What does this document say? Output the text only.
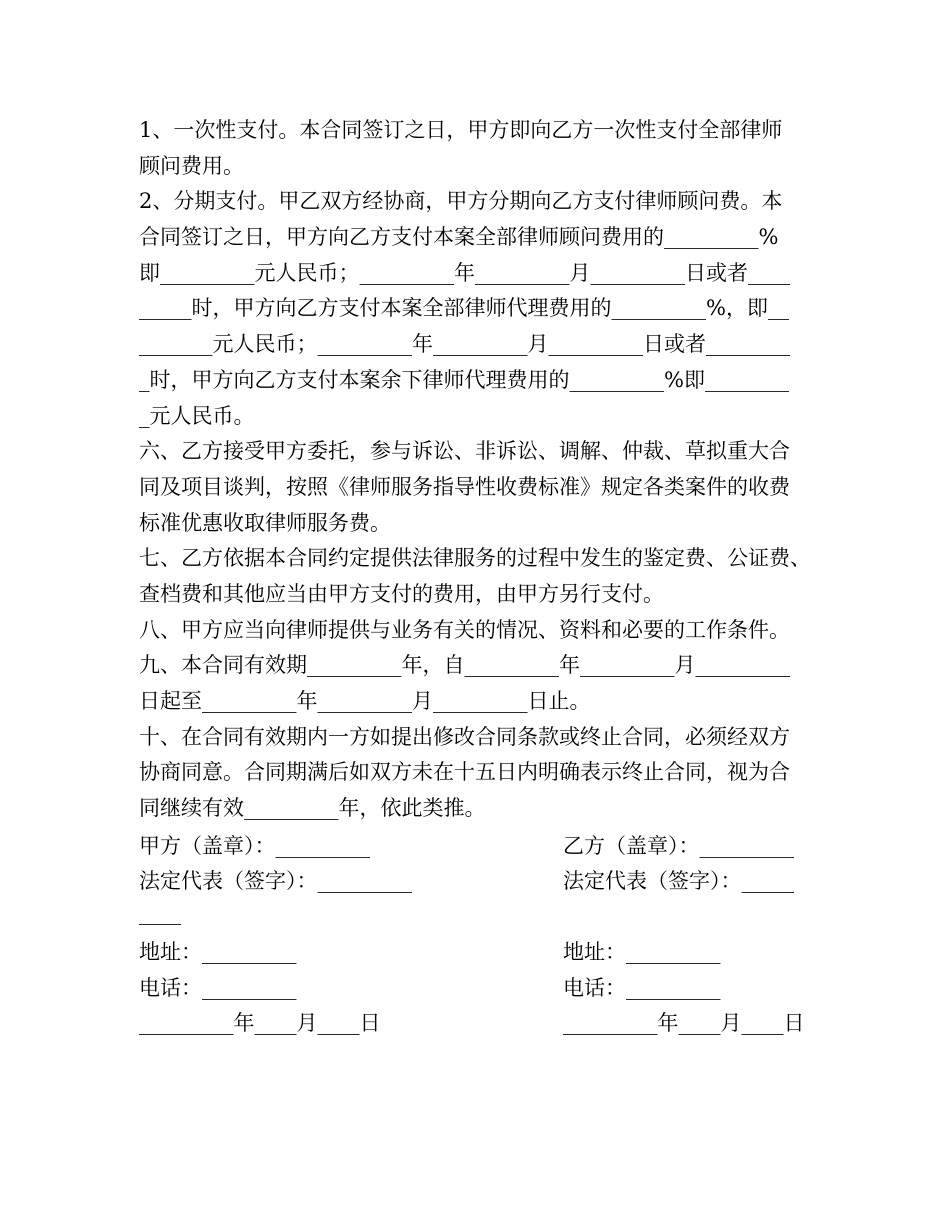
1、一次性支付。本合同签订之日，甲方即向乙方一次性支付全部律师
顾问费用。
2、分期支付。甲乙双方经协商，甲方分期向乙方支付律师顾问费。本
合同签订之日，甲方向乙方支付本案全部律师顾问费用的_________%
即_________元人民币；_________年_________月_________日或者____
_____时，甲方向乙方支付本案全部律师代理费用的_________%，即__
_______元人民币；_________年_________月_________日或者________
_时，甲方向乙方支付本案余下律师代理费用的_________%即________
_元人民币。
六、乙方接受甲方委托，参与诉讼、非诉讼、调解、仲裁、草拟重大合
同及项目谈判，按照《律师服务指导性收费标准》规定各类案件的收费
标准优惠收取律师服务费。
七、乙方依据本合同约定提供法律服务的过程中发生的鉴定费、公证费、
查档费和其他应当由甲方支付的费用，由甲方另行支付。
八、甲方应当向律师提供与业务有关的情况、资料和必要的工作条件。
九、本合同有效期_________年，自_________年_________月_________
日起至_________年_________月_________日止。
十、在合同有效期内一方如提出修改合同条款或终止合同，必须经双方
协商同意。合同期满后如双方未在十五日内明确表示终止合同，视为合
同继续有效_________年，依此类推。
甲方（盖章）：_________	乙方（盖章）：_________
法定代表（签字）：_________	法定代表（签字）：_____
____
地址：_________	地址：_________
电话：_________	电话：_________
_________年____月____日	_________年____月____日
